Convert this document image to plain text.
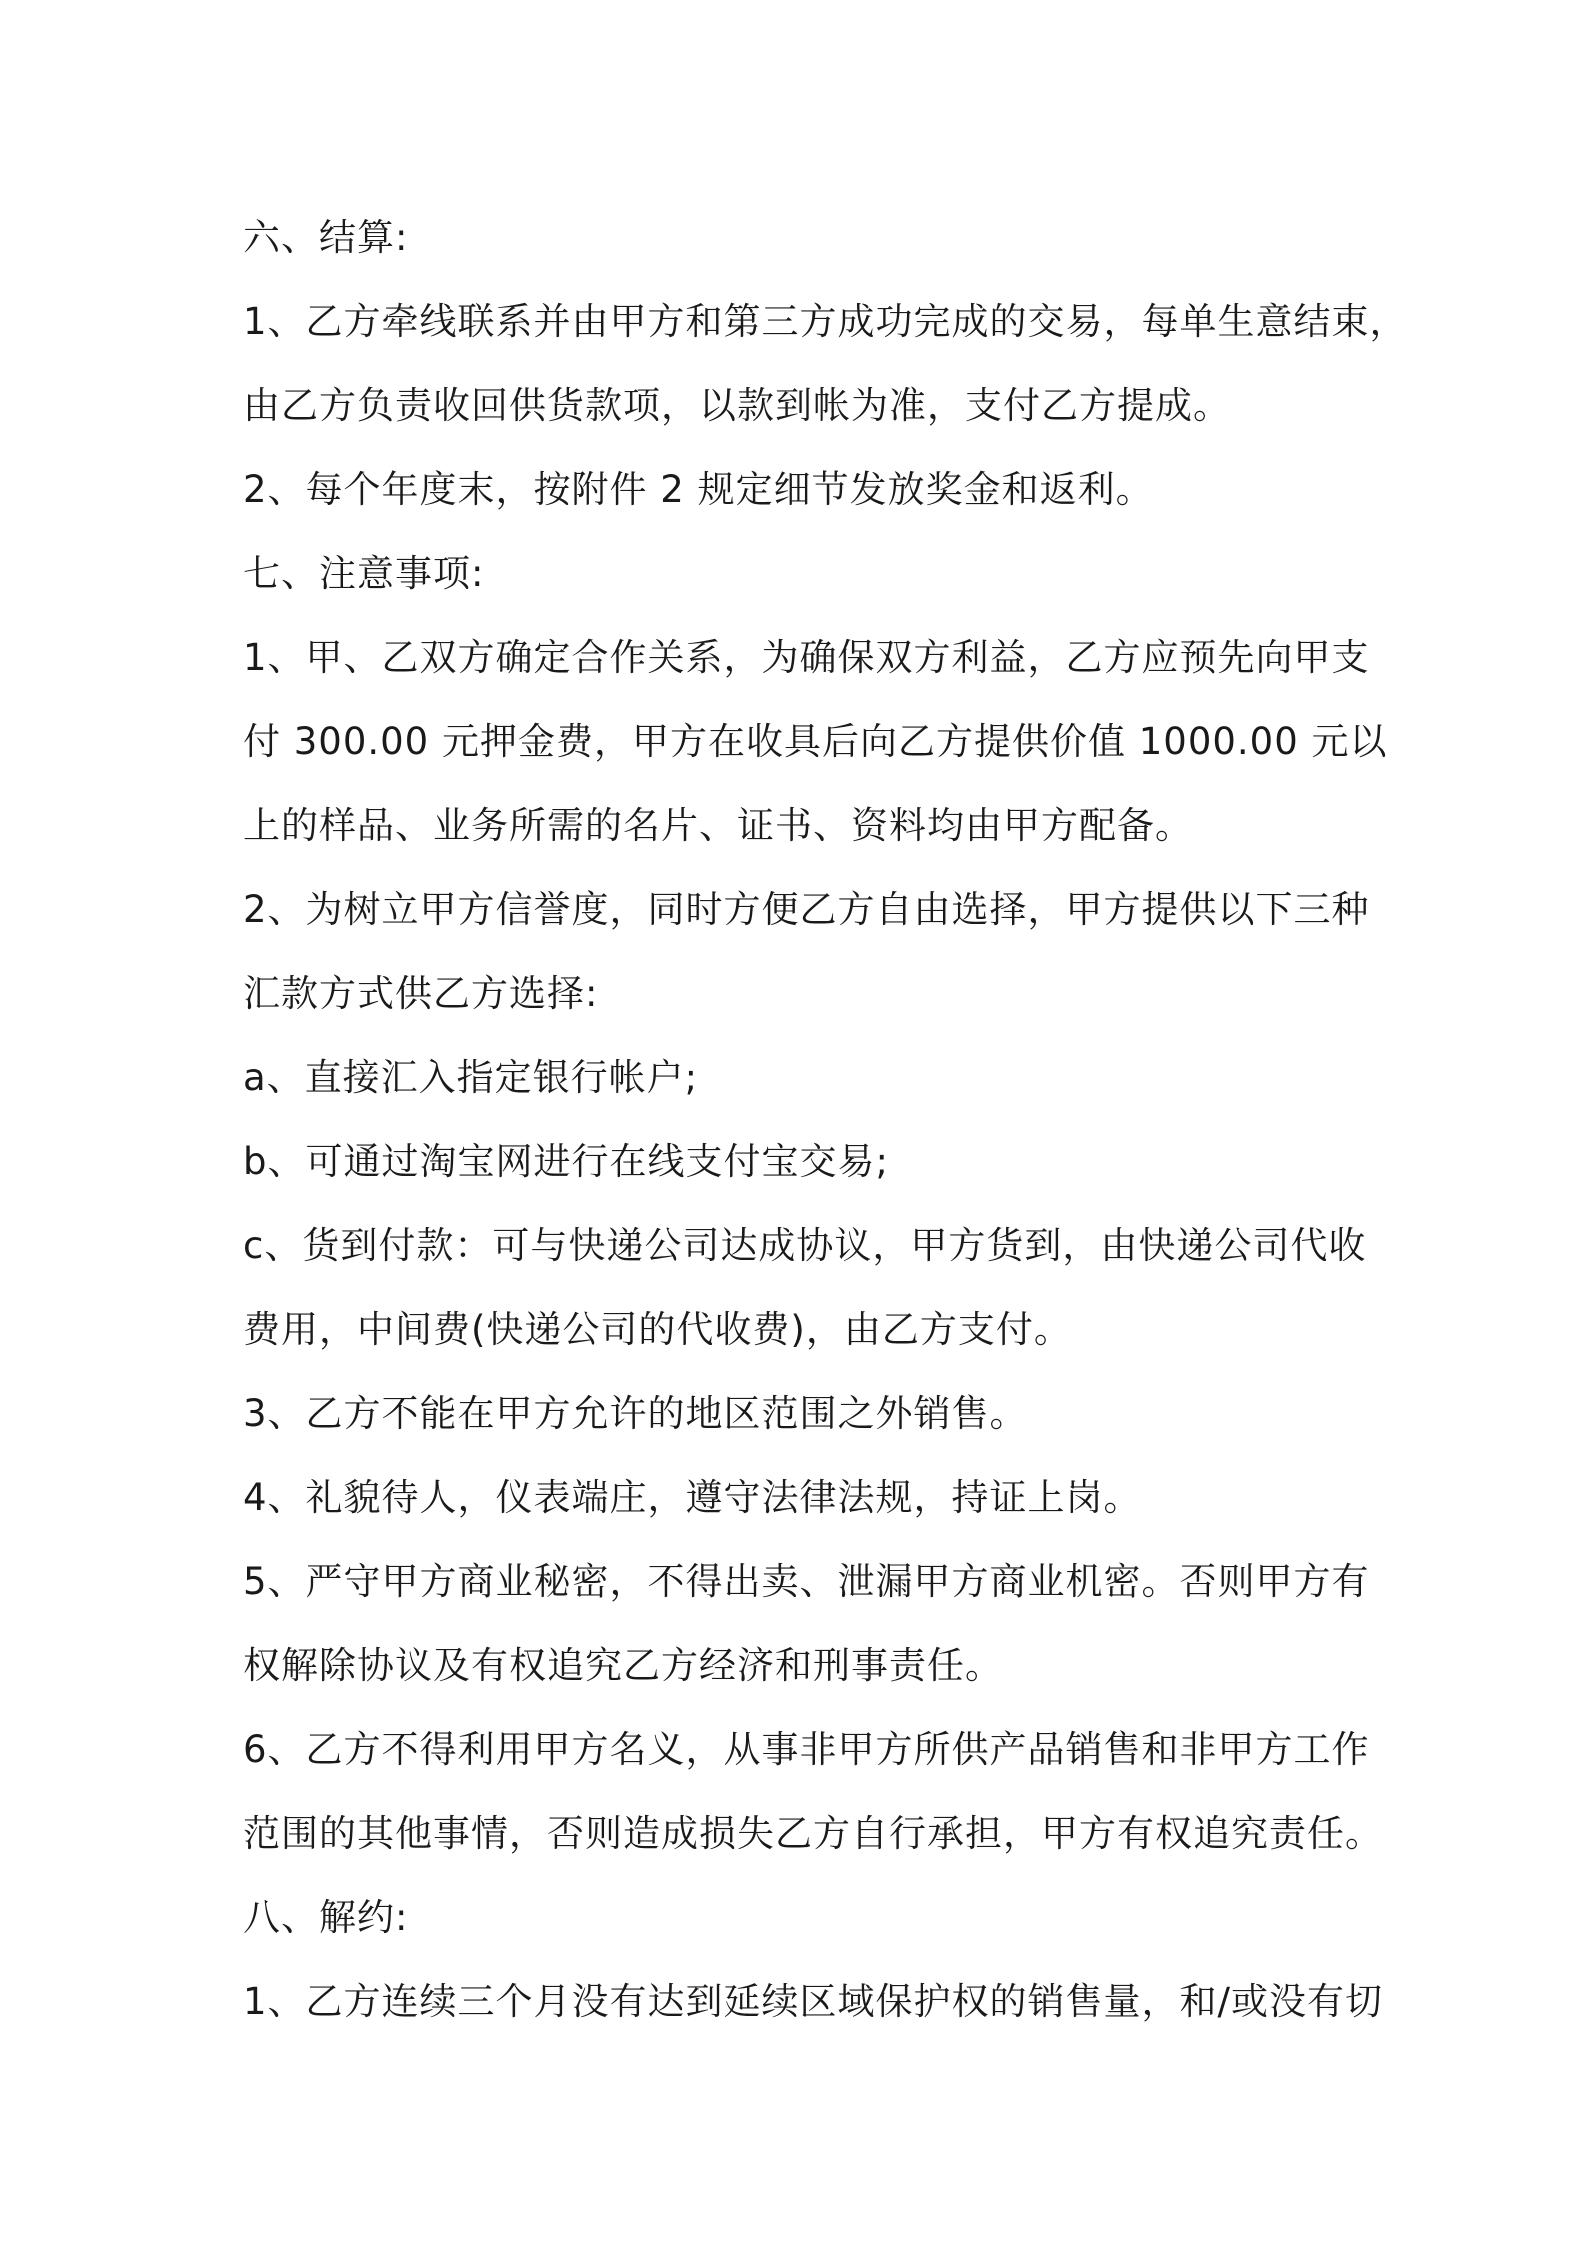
六、结算:
1、乙方牵线联系并由甲方和第三方成功完成的交易，每单生意结束，
由乙方负责收回供货款项，以款到帐为准，支付乙方提成。
2、每个年度末，按附件 2 规定细节发放奖金和返利。
七、注意事项:
1、甲、乙双方确定合作关系，为确保双方利益，乙方应预先向甲支
付 300.00 元押金费，甲方在收具后向乙方提供价值 1000.00 元以
上的样品、业务所需的名片、证书、资料均由甲方配备。
2、为树立甲方信誉度，同时方便乙方自由选择，甲方提供以下三种
汇款方式供乙方选择:
a、直接汇入指定银行帐户;
b、可通过淘宝网进行在线支付宝交易;
c、货到付款：可与快递公司达成协议，甲方货到，由快递公司代收
费用，中间费(快递公司的代收费)，由乙方支付。
3、乙方不能在甲方允许的地区范围之外销售。
4、礼貌待人，仪表端庄，遵守法律法规，持证上岗。
5、严守甲方商业秘密，不得出卖、泄漏甲方商业机密。否则甲方有
权解除协议及有权追究乙方经济和刑事责任。
6、乙方不得利用甲方名义，从事非甲方所供产品销售和非甲方工作
范围的其他事情，否则造成损失乙方自行承担，甲方有权追究责任。
八、解约:
1、乙方连续三个月没有达到延续区域保护权的销售量，和/或没有切
